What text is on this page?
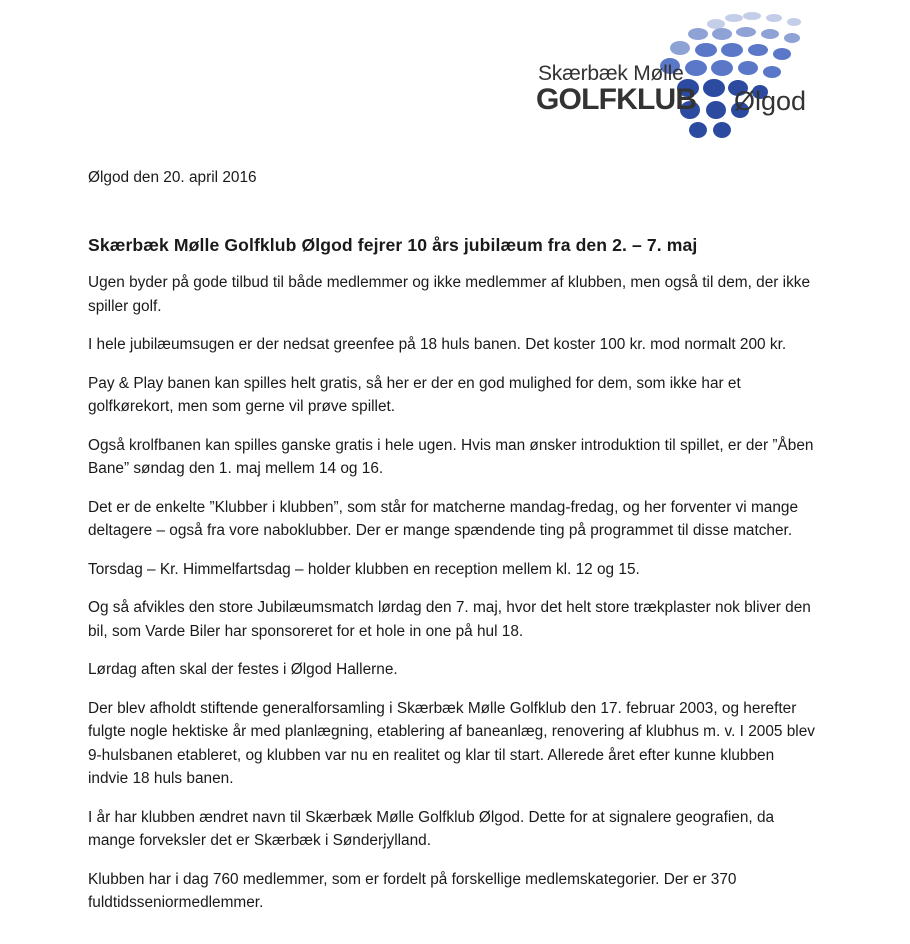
Skærbæk Mølle
GOLFKLUB Ølgod

Ølgod den 20. april 2016

Skærbæk Mølle Golfklub Ølgod fejrer 10 års jubilæum fra den 2. – 7. maj

Ugen byder på gode tilbud til både medlemmer og ikke medlemmer af klubben, men også til dem, der ikke spiller golf.

I hele jubilæumsugen er der nedsat greenfee på 18 huls banen. Det koster 100 kr. mod normalt 200 kr.

Pay & Play banen kan spilles helt gratis, så her er der en god mulighed for dem, som ikke har et golfkørekort, men som gerne vil prøve spillet.

Også krolfbanen kan spilles ganske gratis i hele ugen. Hvis man ønsker introduktion til spillet, er der ”Åben Bane” søndag den 1. maj mellem 14 og 16.

Det er de enkelte ”Klubber i klubben”, som står for matcherne mandag-fredag, og her forventer vi mange deltagere – også fra vore naboklubber. Der er mange spændende ting på programmet til disse matcher.

Torsdag – Kr. Himmelfartsdag – holder klubben en reception mellem kl. 12 og 15.

Og så afvikles den store Jubilæumsmatch lørdag den 7. maj, hvor det helt store trækplaster nok bliver den bil, som Varde Biler har sponsoreret for et hole in one på hul 18.

Lørdag aften skal der festes i Ølgod Hallerne.

Der blev afholdt stiftende generalforsamling i Skærbæk Mølle Golfklub den 17. februar 2003, og herefter fulgte nogle hektiske år med planlægning, etablering af baneanlæg, renovering af klubhus m. v. I 2005 blev 9-hulsbanen etableret, og klubben var nu en realitet og klar til start. Allerede året efter kunne klubben indvie 18 huls banen.

I år har klubben ændret navn til Skærbæk Mølle Golfklub Ølgod. Dette for at signalere geografien, da mange forveksler det er Skærbæk i Sønderjylland.

Klubben har i dag 760 medlemmer, som er fordelt på forskellige medlemskategorier. Der er 370 fuldtidsseniormedlemmer.
